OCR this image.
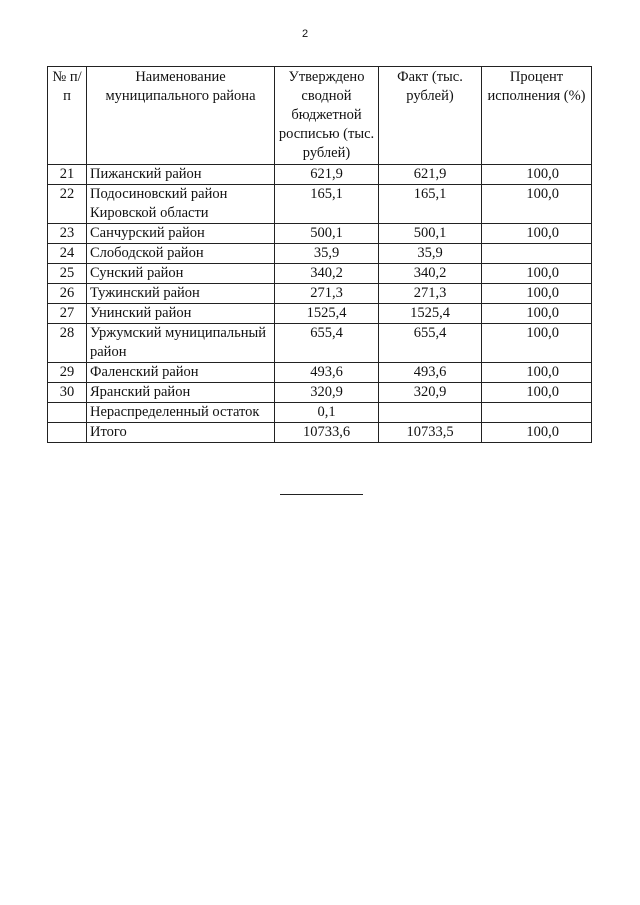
2
№ п/п	Наименование муниципального района	Утверждено сводной бюджетной росписью (тыс. рублей)	Факт (тыс. рублей)	Процент исполнения (%)
21	Пижанский район	621,9	621,9	100,0
22	Подосиновский район Кировской области	165,1	165,1	100,0
23	Санчурский район	500,1	500,1	100,0
24	Слободской район	35,9	35,9	
25	Сунский район	340,2	340,2	100,0
26	Тужинский район	271,3	271,3	100,0
27	Унинский район	1525,4	1525,4	100,0
28	Уржумский муниципальный район	655,4	655,4	100,0
29	Фаленский район	493,6	493,6	100,0
30	Яранский район	320,9	320,9	100,0
	Нераспределенный остаток	0,1		
	Итого	10733,6	10733,5	100,0
